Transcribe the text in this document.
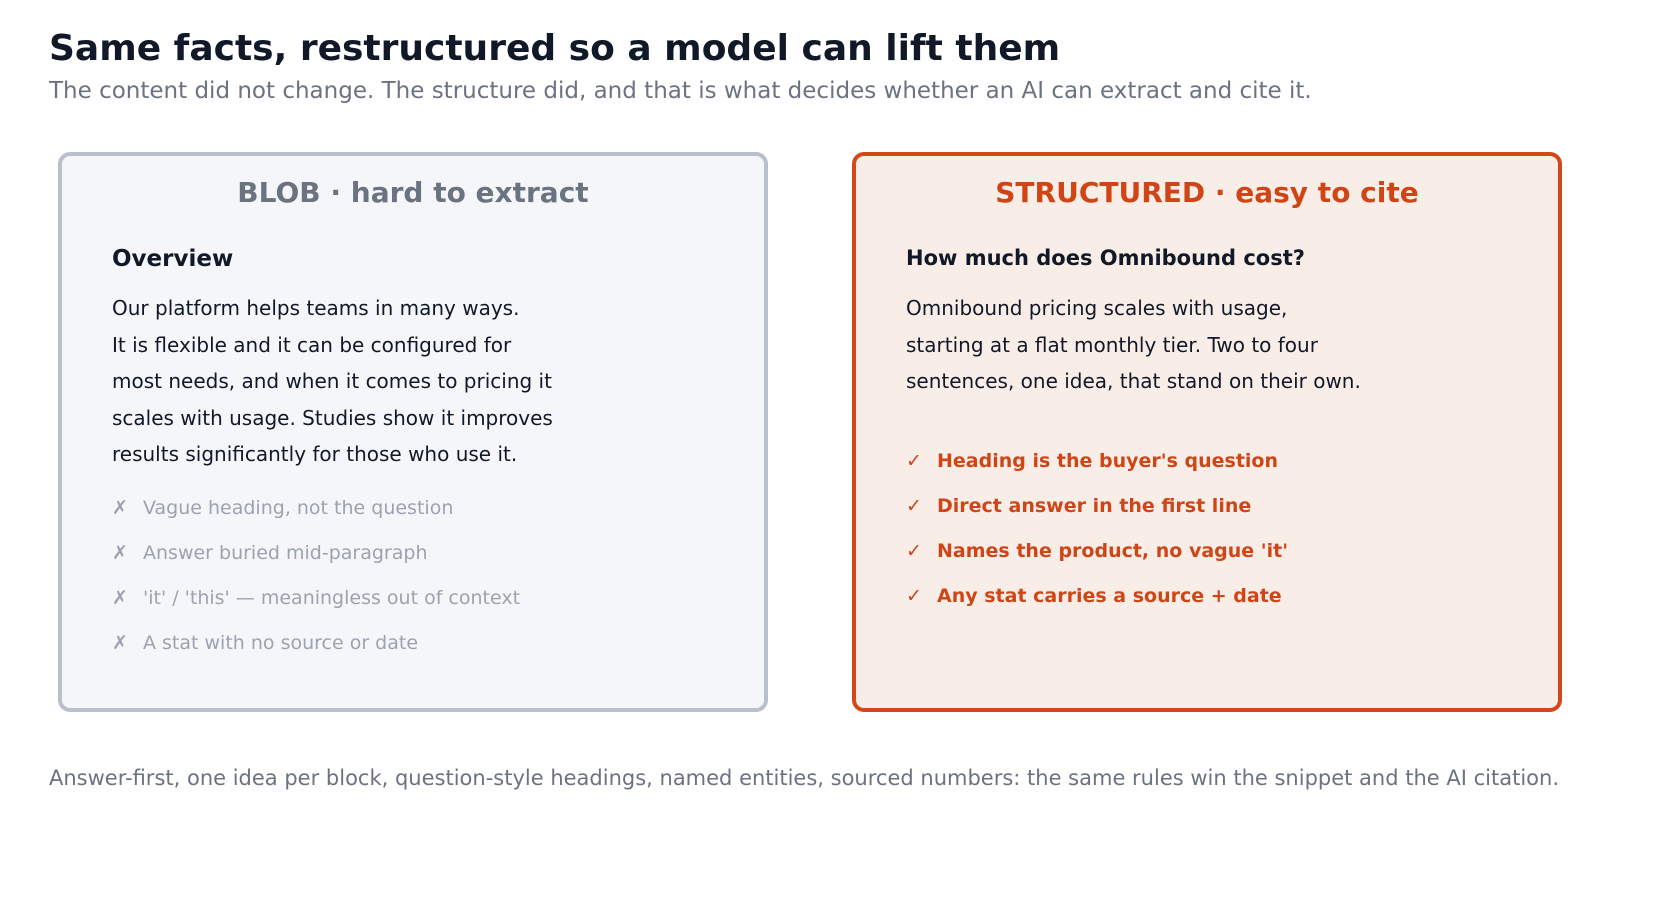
Same facts, restructured so a model can lift them
The content did not change. The structure did, and that is what decides whether an AI can extract and cite it.
BLOB · hard to extract
Overview
Our platform helps teams in many ways.
It is flexible and it can be configured for
most needs, and when it comes to pricing it
scales with usage. Studies show it improves
results significantly for those who use it.
✗ Vague heading, not the question
✗ Answer buried mid-paragraph
✗ 'it' / 'this' — meaningless out of context
✗ A stat with no source or date
STRUCTURED · easy to cite
How much does Omnibound cost?
Omnibound pricing scales with usage,
starting at a flat monthly tier. Two to four
sentences, one idea, that stand on their own.
✓ Heading is the buyer's question
✓ Direct answer in the first line
✓ Names the product, no vague 'it'
✓ Any stat carries a source + date
Answer-first, one idea per block, question-style headings, named entities, sourced numbers: the same rules win the snippet and the AI citation.
